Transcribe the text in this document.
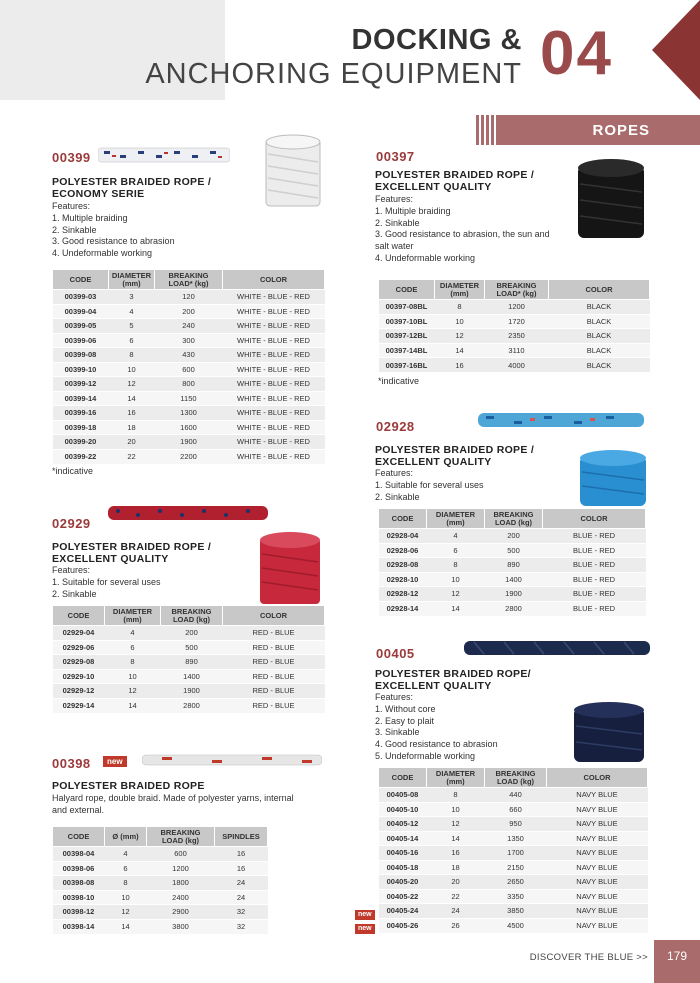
DOCKING &
ANCHORING EQUIPMENT 04
ROPES
00399
POLYESTER BRAIDED ROPE /
ECONOMY SERIE
Features:
1. Multiple braiding
2. Sinkable
3. Good resistance to abrasion
4. Undeformable working
CODE	DIAMETER (mm)	BREAKING LOAD* (kg)	COLOR
00399-03	3	120	WHITE - BLUE - RED
00399-04	4	200	WHITE - BLUE - RED
00399-05	5	240	WHITE - BLUE - RED
00399-06	6	300	WHITE - BLUE - RED
00399-08	8	430	WHITE - BLUE - RED
00399-10	10	600	WHITE - BLUE - RED
00399-12	12	800	WHITE - BLUE - RED
00399-14	14	1150	WHITE - BLUE - RED
00399-16	16	1300	WHITE - BLUE - RED
00399-18	18	1600	WHITE - BLUE - RED
00399-20	20	1900	WHITE - BLUE - RED
00399-22	22	2200	WHITE - BLUE - RED
*indicative
02929
POLYESTER BRAIDED ROPE /
EXCELLENT QUALITY
Features:
1. Suitable for several uses
2. Sinkable
CODE	DIAMETER (mm)	BREAKING LOAD (kg)	COLOR
02929-04	4	200	RED - BLUE
02929-06	6	500	RED - BLUE
02929-08	8	890	RED - BLUE
02929-10	10	1400	RED - BLUE
02929-12	12	1900	RED - BLUE
02929-14	14	2800	RED - BLUE
00398	new
POLYESTER BRAIDED ROPE
Halyard rope, double braid. Made of polyester yarns, internal
and external.
CODE	Ø (mm)	BREAKING LOAD (kg)	SPINDLES
00398-04	4	600	16
00398-06	6	1200	16
00398-08	8	1800	24
00398-10	10	2400	24
00398-12	12	2900	32
00398-14	14	3800	32
00397
POLYESTER BRAIDED ROPE /
EXCELLENT QUALITY
Features:
1. Multiple braiding
2. Sinkable
3. Good resistance to abrasion, the sun and
salt water
4. Undeformable working
CODE	DIAMETER (mm)	BREAKING LOAD* (kg)	COLOR
00397-08BL	8	1200	BLACK
00397-10BL	10	1720	BLACK
00397-12BL	12	2350	BLACK
00397-14BL	14	3110	BLACK
00397-16BL	16	4000	BLACK
*indicative
02928
POLYESTER BRAIDED ROPE /
EXCELLENT QUALITY
Features:
1. Suitable for several uses
2. Sinkable
CODE	DIAMETER (mm)	BREAKING LOAD (kg)	COLOR
02928-04	4	200	BLUE - RED
02928-06	6	500	BLUE - RED
02928-08	8	890	BLUE - RED
02928-10	10	1400	BLUE - RED
02928-12	12	1900	BLUE - RED
02928-14	14	2800	BLUE - RED
00405
POLYESTER BRAIDED ROPE/
EXCELLENT QUALITY
Features:
1. Without core
2. Easy to plait
3. Sinkable
4. Good resistance to abrasion
5. Undeformable working
CODE	DIAMETER (mm)	BREAKING LOAD (kg)	COLOR
00405-08	8	440	NAVY BLUE
00405-10	10	660	NAVY BLUE
00405-12	12	950	NAVY BLUE
00405-14	14	1350	NAVY BLUE
00405-16	16	1700	NAVY BLUE
00405-18	18	2150	NAVY BLUE
00405-20	20	2650	NAVY BLUE
00405-22	22	3350	NAVY BLUE
00405-24	24	3850	NAVY BLUE
00405-26	26	4500	NAVY BLUE
new
new
DISCOVER THE BLUE >>	179
